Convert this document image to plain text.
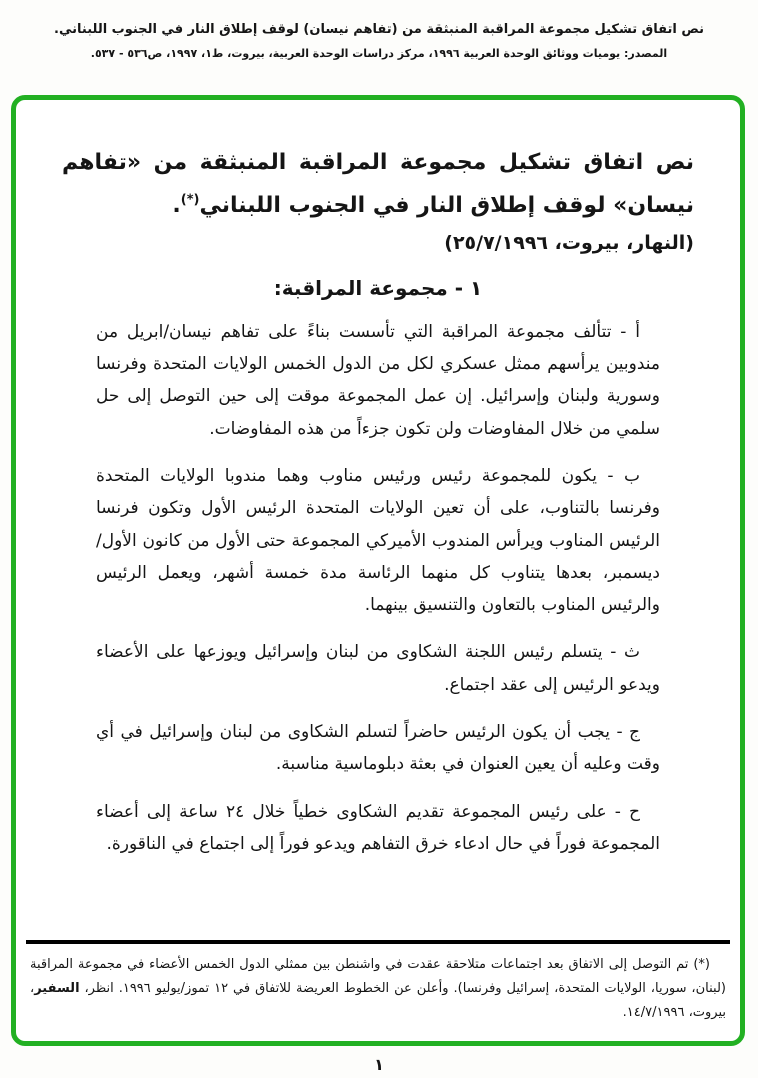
نص اتفاق تشكيل مجموعة المراقبة المنبثقة من (تفاهم نيسان) لوقف إطلاق النار في الجنوب اللبناني.
المصدر: يوميات ووثائق الوحدة العربية ١٩٩٦، مركز دراسات الوحدة العربية، بيروت، ط١، ١٩٩٧، ص٥٣٦ - ٥٣٧.
نص اتفاق تشكيل مجموعة المراقبة المنبثقة من «تفاهم نيسان» لوقف إطلاق النار في الجنوب اللبناني(*).
(النهار، بيروت، ٢٥/٧/١٩٩٦)
١ - مجموعة المراقبة:

أ - تتألف مجموعة المراقبة التي تأسست بناءً على تفاهم نيسان/ابريل من مندوبين يرأسهم ممثل عسكري لكل من الدول الخمس الولايات المتحدة وفرنسا وسورية ولبنان وإسرائيل. إن عمل المجموعة موقت إلى حين التوصل إلى حل سلمي من خلال المفاوضات ولن تكون جزءاً من هذه المفاوضات.

ب - يكون للمجموعة رئيس ورئيس مناوب وهما مندوبا الولايات المتحدة وفرنسا بالتناوب، على أن تعين الولايات المتحدة الرئيس الأول وتكون فرنسا الرئيس المناوب ويرأس المندوب الأميركي المجموعة حتى الأول من كانون الأول/ديسمبر، بعدها يتناوب كل منهما الرئاسة مدة خمسة أشهر، ويعمل الرئيس والرئيس المناوب بالتعاون والتنسيق بينهما.

ث - يتسلم رئيس اللجنة الشكاوى من لبنان وإسرائيل ويوزعها على الأعضاء ويدعو الرئيس إلى عقد اجتماع.

ج - يجب أن يكون الرئيس حاضراً لتسلم الشكاوى من لبنان وإسرائيل في أي وقت وعليه أن يعين العنوان في بعثة دبلوماسية مناسبة.

ح - على رئيس المجموعة تقديم الشكاوى خطياً خلال ٢٤ ساعة إلى أعضاء المجموعة فوراً في حال ادعاء خرق التفاهم ويدعو فوراً إلى اجتماع في الناقورة.

(*) تم التوصل إلى الاتفاق بعد اجتماعات متلاحقة عقدت في واشنطن بين ممثلي الدول الخمس الأعضاء في مجموعة المراقبة (لبنان، سوريا، الولايات المتحدة، إسرائيل وفرنسا). وأعلن عن الخطوط العريضة للاتفاق في ١٢ تموز/يوليو ١٩٩٦. انظر، السفير، بيروت، ١٤/٧/١٩٩٦.

١
